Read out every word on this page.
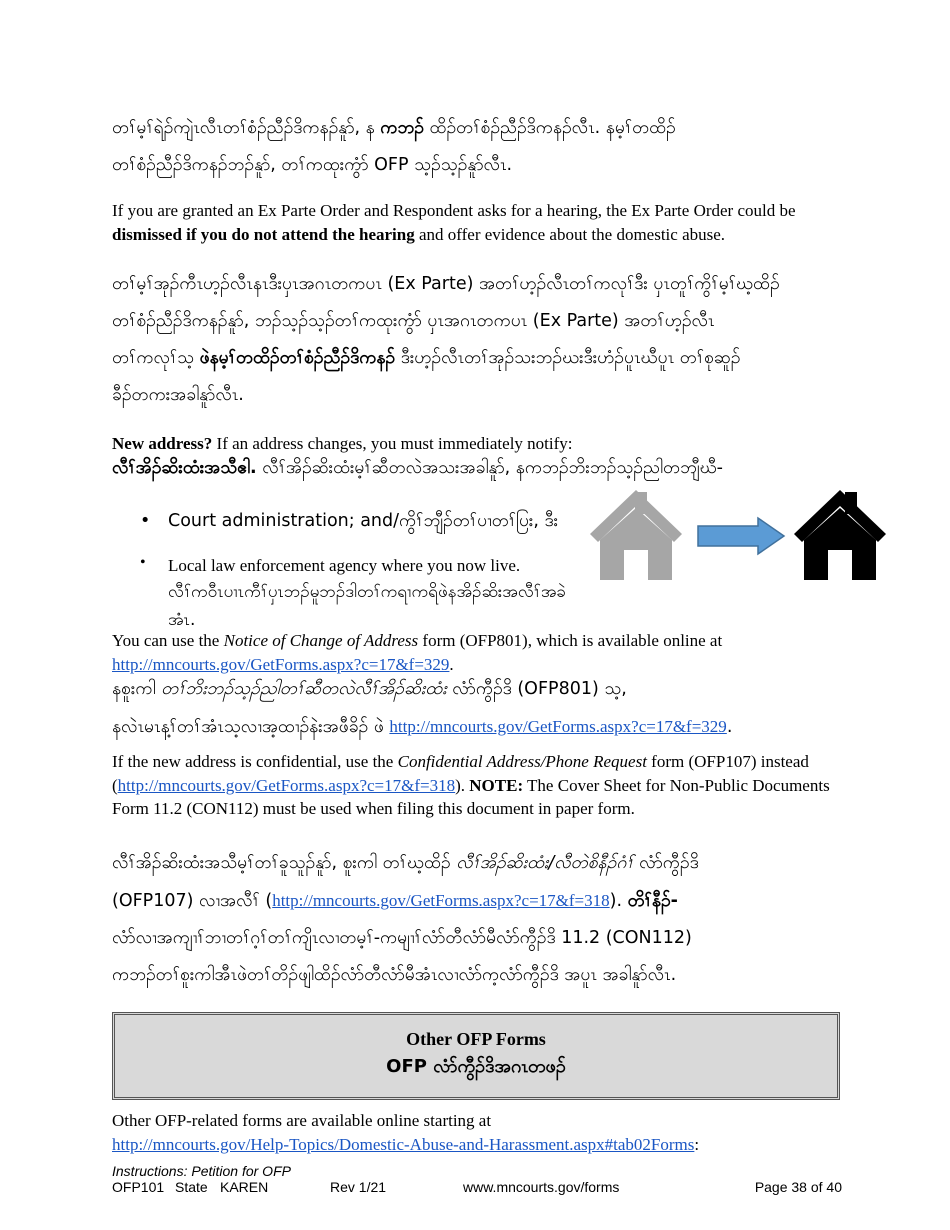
တၢ်မ့ၢ်ရဲၣ်ကျဲၤလီၤတၢ်စံၣ်ညီၣ်ဒိကနၣ်နူာ်, န ကဘၣ် ထိၣ်တၢ်စံၣ်ညီၣ်ဒိကနၣ်လီၤ. နမ့ၢ်တထိၣ်
တၢ်စံၣ်ညီၣ်ဒိကနၣ်ဘၣ်နူာ်, တၢ်ကထုးကွံာ် OFP သ့ၣ်သ့ၣ်နူာ်လီၤ.
If you are granted an Ex Parte Order and Respondent asks for a hearing, the Ex Parte Order could be dismissed if you do not attend the hearing and offer evidence about the domestic abuse.
တၢ်မ့ၢ်အုၣ်ကီၤဟ့ၣ်လီၤနၤဒီးပှၤအဂၤတကပၤ (Ex Parte) အတၢ်ဟ့ၣ်လီၤတၢ်ကလုၢ်ဒီး ပှၤတူၢ်ကွိၢ်မ့ၢ်ဃ့ထိၣ်
တၢ်စံၣ်ညီၣ်ဒိကနၣ်နူာ်, ဘၣ်သ့ၣ်သ့ၣ်တၢ်ကထုးကွံာ် ပှၤအဂၤတကပၤ (Ex Parte) အတၢ်ဟ့ၣ်လီၤ
တၢ်ကလုၢ်သ့ ဖဲနမ့ၢ်တထိၣ်တၢ်စံၣ်ညီၣ်ဒိကနၣ် ဒီးဟ့ၣ်လီၤတၢ်အုၣ်သးဘၣ်ဃးဒီးဟံၣ်ပူၤဃီပူၤ တၢ်စုဆူၣ်
ခီၣ်တကးအခါနူာ်လီၤ.
New address? If an address changes, you must immediately notify:
လီၢ်အိၣ်ဆိးထံးအသီဧါ. လီၢ်အိၣ်ဆိးထံးမ့ၢ်ဆီတလဲအသးအခါနူာ်, နကဘၣ်ဘိးဘၣ်သ့ၣ်ညါတဘျီဃီ-
• Court administration; and/ကွိၢ်ဘျီၣ်တၢ်ပၢတၢ်ပြး, ဒီး
• Local law enforcement agency where you now live.
လီၢ်ကဝီၤပၢၤကီၢ်ပှၤဘၣ်မူဘၣ်ဒါတၢ်ကရၢကရိဖဲနအိၣ်ဆိးအလီၢ်အခဲအံၤ.
You can use the Notice of Change of Address form (OFP801), which is available online at
http://mncourts.gov/GetForms.aspx?c=17&f=329.
နစူးကါ တၢ်ဘိးဘၣ်သ့ၣ်ညါတၢ်ဆီတလဲလီၢ်အိၣ်ဆိးထံး လံာ်ကွီၣ်ဒိ (OFP801) သ့,
နလဲၤမၤန့ၢ်တၢ်အံၤသ့လၢအ့ထၢၣ်နဲးအဖီခိၣ် ဖဲ http://mncourts.gov/GetForms.aspx?c=17&f=329.
If the new address is confidential, use the Confidential Address/Phone Request form (OFP107) instead (http://mncourts.gov/GetForms.aspx?c=17&f=318). NOTE: The Cover Sheet for Non-Public Documents Form 11.2 (CON112) must be used when filing this document in paper form.
လီၢ်အိၣ်ဆိးထံးအသီမ့ၢ်တၢ်ခူသူၣ်နူာ်, စူးကါ တၢ်ဃ့ထိၣ် လီၢ်အိၣ်ဆိးထံး/လီတဲစိနီၣ်ဂံၢ် လံာ်ကွီၣ်ဒိ
(OFP107) လၢအလီၢ် (http://mncourts.gov/GetForms.aspx?c=17&f=318). တိၢ်နီၣ်-
လံာ်လၢအကျၢၢ်ဘၢတၢ်ဂ့ၢ်တၢ်ကျိၤလၢတမ့ၢ်-ကမျၢၢ်လံာ်တီလံာ်မီလံာ်ကွီၣ်ဒိ 11.2 (CON112)
ကဘၣ်တၢ်စူးကါအီၤဖဲတၢ်တိၣ်ဖျါထိၣ်လံာ်တီလံာ်မီအံၤလၢလံာ်က့လံာ်ကွီၣ်ဒိ အပူၤ အခါနူာ်လီၤ.
Other OFP Forms
OFP လံာ်ကွီၣ်ဒိအဂၤတဖၣ်
Other OFP-related forms are available online starting at
http://mncourts.gov/Help-Topics/Domestic-Abuse-and-Harassment.aspx#tab02Forms:
Instructions: Petition for OFP
OFP101 State KAREN	Rev 1/21	www.mncourts.gov/forms	Page 38 of 40
